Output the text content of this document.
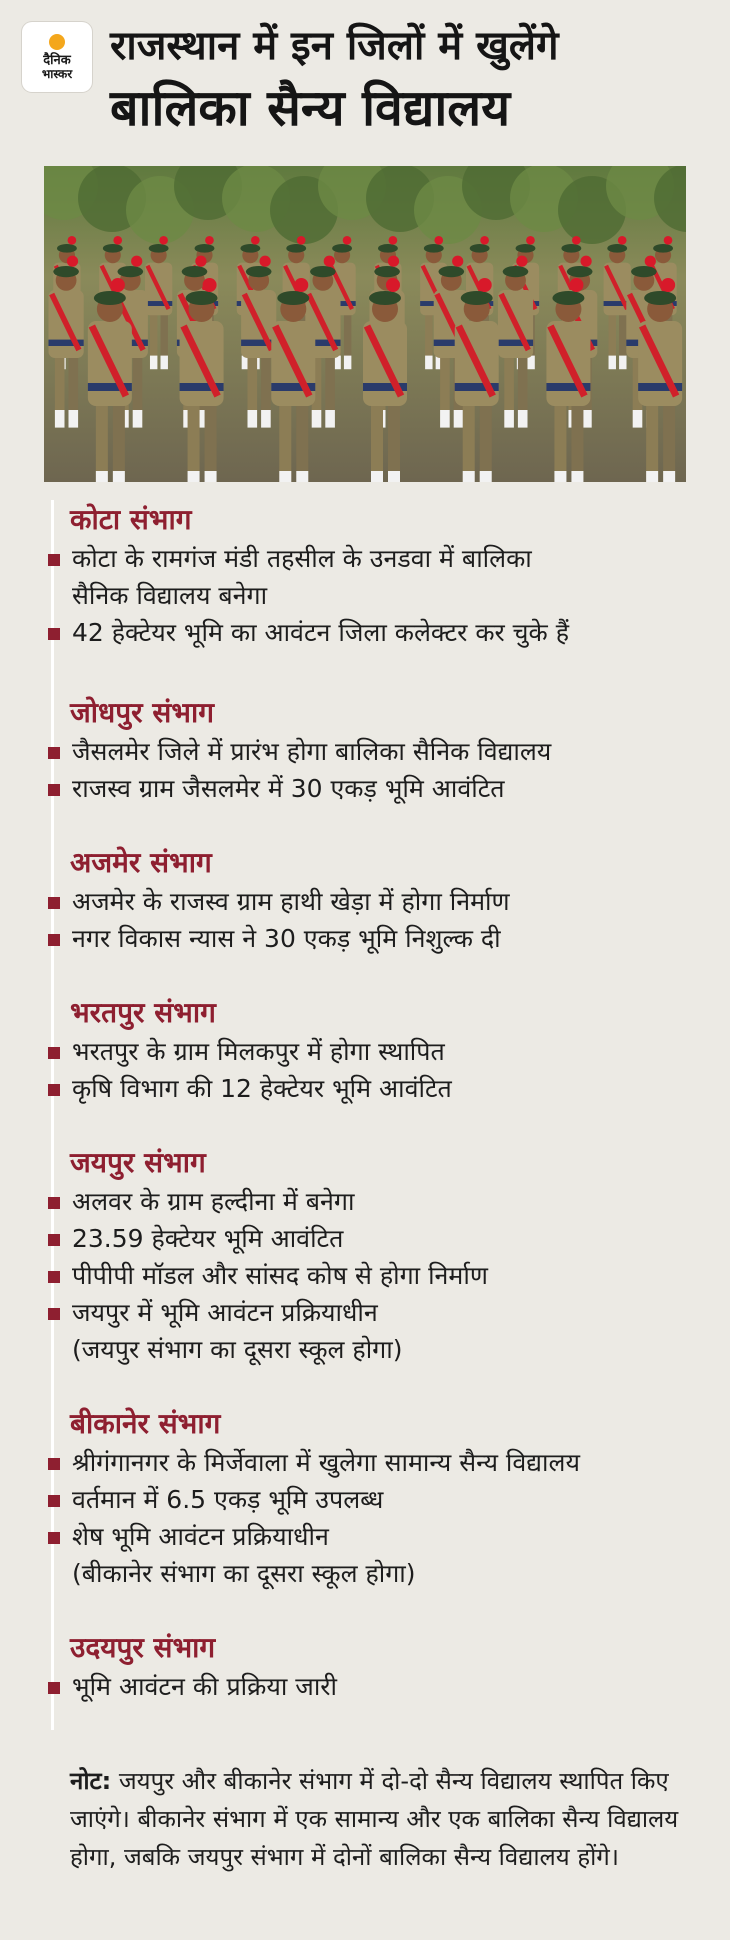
दैनिक
भास्कर
राजस्थान में इन जिलों में खुलेंगे
बालिका सैन्य विद्यालय
कोटा संभाग
कोटा के रामगंज मंडी तहसील के उनडवा में बालिका
सैनिक विद्यालय बनेगा
42 हेक्टेयर भूमि का आवंटन जिला कलेक्टर कर चुके हैं
जोधपुर संभाग
जैसलमेर जिले में प्रारंभ होगा बालिका सैनिक विद्यालय
राजस्व ग्राम जैसलमेर में 30 एकड़ भूमि आवंटित
अजमेर संभाग
अजमेर के राजस्व ग्राम हाथी खेड़ा में होगा निर्माण
नगर विकास न्यास ने 30 एकड़ भूमि निशुल्क दी
भरतपुर संभाग
भरतपुर के ग्राम मिलकपुर में होगा स्थापित
कृषि विभाग की 12 हेक्टेयर भूमि आवंटित
जयपुर संभाग
अलवर के ग्राम हल्दीना में बनेगा
23.59 हेक्टेयर भूमि आवंटित
पीपीपी मॉडल और सांसद कोष से होगा निर्माण
जयपुर में भूमि आवंटन प्रक्रियाधीन
(जयपुर संभाग का दूसरा स्कूल होगा)
बीकानेर संभाग
श्रीगंगानगर के मिर्जेवाला में खुलेगा सामान्य सैन्य विद्यालय
वर्तमान में 6.5 एकड़ भूमि उपलब्ध
शेष भूमि आवंटन प्रक्रियाधीन
(बीकानेर संभाग का दूसरा स्कूल होगा)
उदयपुर संभाग
भूमि आवंटन की प्रक्रिया जारी
नोट: जयपुर और बीकानेर संभाग में दो-दो सैन्य विद्यालय स्थापित किए जाएंगे। बीकानेर संभाग में एक सामान्य और एक बालिका सैन्य विद्यालय होगा, जबकि जयपुर संभाग में दोनों बालिका सैन्य विद्यालय होंगे।
